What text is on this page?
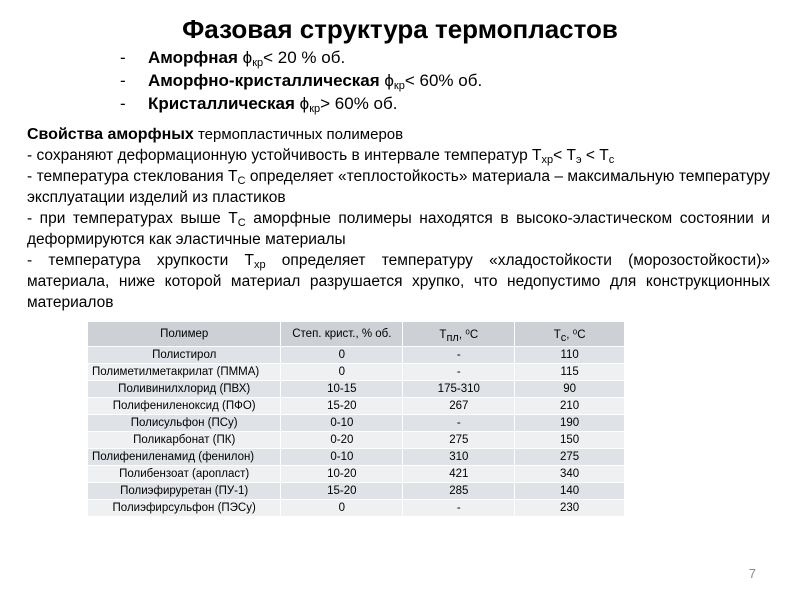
Фазовая структура термопластов
- Аморфная $\phi_{кр}< 20$ % об.
- Аморфно-кристаллическая $\phi_{кр}< 60\%$ об.
- Кристаллическая $\phi_{кр}> 60\%$ об.

Свойства аморфных термопластичных полимеров

- сохраняют деформационную устойчивость в интервале температур $T_{хр}< T_э < T_c$

- температура стеклования $Т_С$ определяет «теплостойкость» материала – максимальную температуру эксплуатации изделий из пластиков

- при температурах выше $Т_С$ аморфные полимеры находятся в высоко-эластическом состоянии и деформируются как эластичные материалы

- температура хрупкости $Т_{хр}$ определяет температуру «хладостойкости (морозостойкости)» материала, ниже которой материал разрушается хрупко, что недопустимо для конструкционных материалов

Полимер	Степ. крист., % об.	$Т_{пл}$, ⁰С	$Т_с$, ⁰С
Полистирол	0	-	110
Полиметилметакрилат (ПММА)	0	-	115
Поливинилхлорид (ПВХ)	10-15	175-310	90
Полифениленоксид (ПФО)	15-20	267	210
Полисульфон (ПСу)	0-10	-	190
Поликарбонат (ПК)	0-20	275	150
Полифениленамид (фенилон)	0-10	310	275
Полибензоат (аропласт)	10-20	421	340
Полиэфируретан (ПУ-1)	15-20	285	140
Полиэфирсульфон (ПЭСу)	0	-	230
7
